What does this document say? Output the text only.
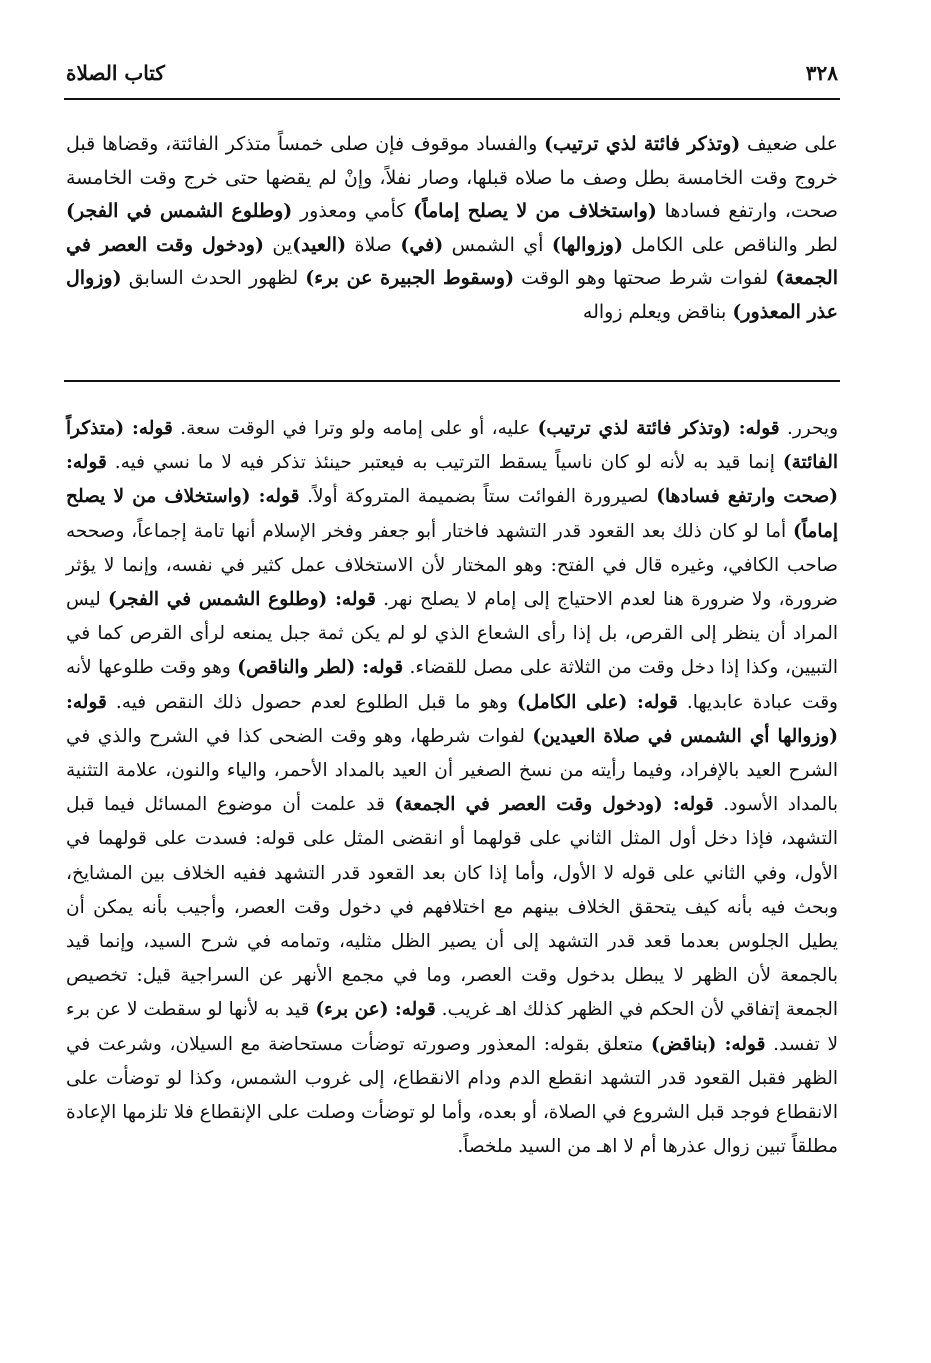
٣٢٨
كتاب الصلاة
على ضعيف (وتذكر فائتة لذي ترتيب) والفساد موقوف فإن صلى خمساً متذكر الفائتة، وقضاها قبل خروج وقت الخامسة بطل وصف ما صلاه قبلها، وصار نفلاً، وإنْ لم يقضها حتى خرج وقت الخامسة صحت، وارتفع فسادها (واستخلاف من لا يصلح إماماً) كأمي ومعذور (وطلوع الشمس في الفجر) لطر والناقص على الكامل (وزوالها) أي الشمس (في) صلاة (العيد)ين (ودخول وقت العصر في الجمعة) لفوات شرط صحتها وهو الوقت (وسقوط الجبيرة عن برء) لظهور الحدث السابق (وزوال عذر المعذور) بناقض ويعلم زواله
ويحرر. قوله: (وتذكر فائتة لذي ترتيب) عليه، أو على إمامه ولو وترا في الوقت سعة. قوله: (متذكراً الفائتة) إنما قيد به لأنه لو كان ناسياً يسقط الترتيب به فيعتبر حينئذ تذكر فيه لا ما نسي فيه. قوله: (صحت وارتفع فسادها) لصيرورة الفوائت ستاً بضميمة المتروكة أولاً. قوله: (واستخلاف من لا يصلح إماماً) أما لو كان ذلك بعد القعود قدر التشهد فاختار أبو جعفر وفخر الإسلام أنها تامة إجماعاً، وصححه صاحب الكافي، وغيره قال في الفتح: وهو المختار لأن الاستخلاف عمل كثير في نفسه، وإنما لا يؤثر ضرورة، ولا ضرورة هنا لعدم الاحتياج إلى إمام لا يصلح نهر. قوله: (وطلوع الشمس في الفجر) ليس المراد أن ينظر إلى القرص، بل إذا رأى الشعاع الذي لو لم يكن ثمة جبل يمنعه لرأى القرص كما في التبيين، وكذا إذا دخل وقت من الثلاثة على مصل للقضاء. قوله: (لطر والناقص) وهو وقت طلوعها لأنه وقت عبادة عابديها. قوله: (على الكامل) وهو ما قبل الطلوع لعدم حصول ذلك النقص فيه. قوله: (وزوالها أي الشمس في صلاة العيدين) لفوات شرطها، وهو وقت الضحى كذا في الشرح والذي في الشرح العيد بالإفراد، وفيما رأيته من نسخ الصغير أن العيد بالمداد الأحمر، والياء والنون، علامة التثنية بالمداد الأسود. قوله: (ودخول وقت العصر في الجمعة) قد علمت أن موضوع المسائل فيما قبل التشهد، فإذا دخل أول المثل الثاني على قولهما أو انقضى المثل على قوله: فسدت على قولهما في الأول، وفي الثاني على قوله لا الأول، وأما إذا كان بعد القعود قدر التشهد ففيه الخلاف بين المشايخ، وبحث فيه بأنه كيف يتحقق الخلاف بينهم مع اختلافهم في دخول وقت العصر، وأجيب بأنه يمكن أن يطيل الجلوس بعدما قعد قدر التشهد إلى أن يصير الظل مثليه، وتمامه في شرح السيد، وإنما قيد بالجمعة لأن الظهر لا يبطل بدخول وقت العصر، وما في مجمع الأنهر عن السراجية قيل: تخصيص الجمعة إتفاقي لأن الحكم في الظهر كذلك اهـ غريب. قوله: (عن برء) قيد به لأنها لو سقطت لا عن برء لا تفسد. قوله: (بناقض) متعلق بقوله: المعذور وصورته توضأت مستحاضة مع السيلان، وشرعت في الظهر فقبل القعود قدر التشهد انقطع الدم ودام الانقطاع، إلى غروب الشمس، وكذا لو توضأت على الانقطاع فوجد قبل الشروع في الصلاة، أو بعده، وأما لو توضأت وصلت على الإنقطاع فلا تلزمها الإعادة مطلقاً تبين زوال عذرها أم لا اهـ من السيد ملخصاً.
